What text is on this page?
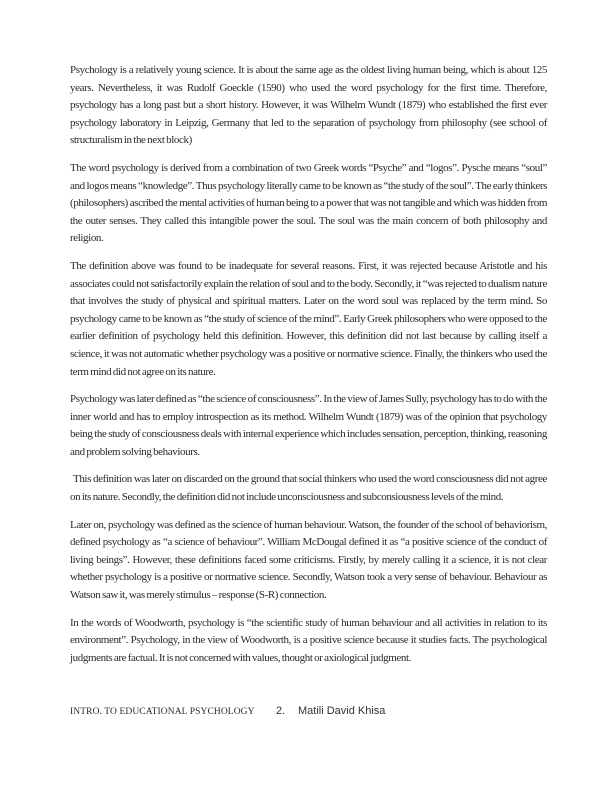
Psychology is a relatively young science. It is about the same age as the oldest living human being, which is about 125 years. Nevertheless, it was Rudolf Goeckle (1590) who used the word psychology for the first time. Therefore, psychology has a long past but a short history. However, it was Wilhelm Wundt (1879) who established the first ever psychology laboratory in Leipzig, Germany that led to the separation of psychology from philosophy (see school of structuralism in the next block)

The word psychology is derived from a combination of two Greek words “Psyche” and “logos”. Pysche means “soul” and logos means “knowledge”. Thus psychology literally came to be known as “the study of the soul”. The early thinkers (philosophers) ascribed the mental activities of human being to a power that was not tangible and which was hidden from the outer senses. They called this intangible power the soul. The soul was the main concern of both philosophy and religion.

The definition above was found to be inadequate for several reasons. First, it was rejected because Aristotle and his associates could not satisfactorily explain the relation of soul and to the body. Secondly, it “was rejected to dualism nature that involves the study of physical and spiritual matters. Later on the word soul was replaced by the term mind. So psychology came to be known as “the study of science of the mind”. Early Greek philosophers who were opposed to the earlier definition of psychology held this definition. However, this definition did not last because by calling itself a science, it was not automatic whether psychology was a positive or normative science. Finally, the thinkers who used the term mind did not agree on its nature.

Psychology was later defined as “the science of consciousness”. In the view of James Sully, psychology has to do with the inner world and has to employ introspection as its method. Wilhelm Wundt (1879) was of the opinion that psychology being the study of consciousness deals with internal experience which includes sensation, perception, thinking, reasoning and problem solving behaviours.

This definition was later on discarded on the ground that social thinkers who used the word consciousness did not agree on its nature. Secondly, the definition did not include unconsciousness and subconsiousness levels of the mind.

Later on, psychology was defined as the science of human behaviour. Watson, the founder of the school of behaviorism, defined psychology as “a science of behaviour”. William McDougal defined it as “a positive science of the conduct of living beings”. However, these definitions faced some criticisms. Firstly, by merely calling it a science, it is not clear whether psychology is a positive or normative science. Secondly, Watson took a very sense of behaviour. Behaviour as Watson saw it, was merely stimulus – response (S-R) connection.

In the words of Woodworth, psychology is “the scientific study of human behaviour and all activities in relation to its environment”. Psychology, in the view of Woodworth, is a positive science because it studies facts. The psychological judgments are factual. It is not concerned with values, thought or axiological judgment.

INTRO. TO EDUCATIONAL PSYCHOLOGY 2. Matili David Khisa
